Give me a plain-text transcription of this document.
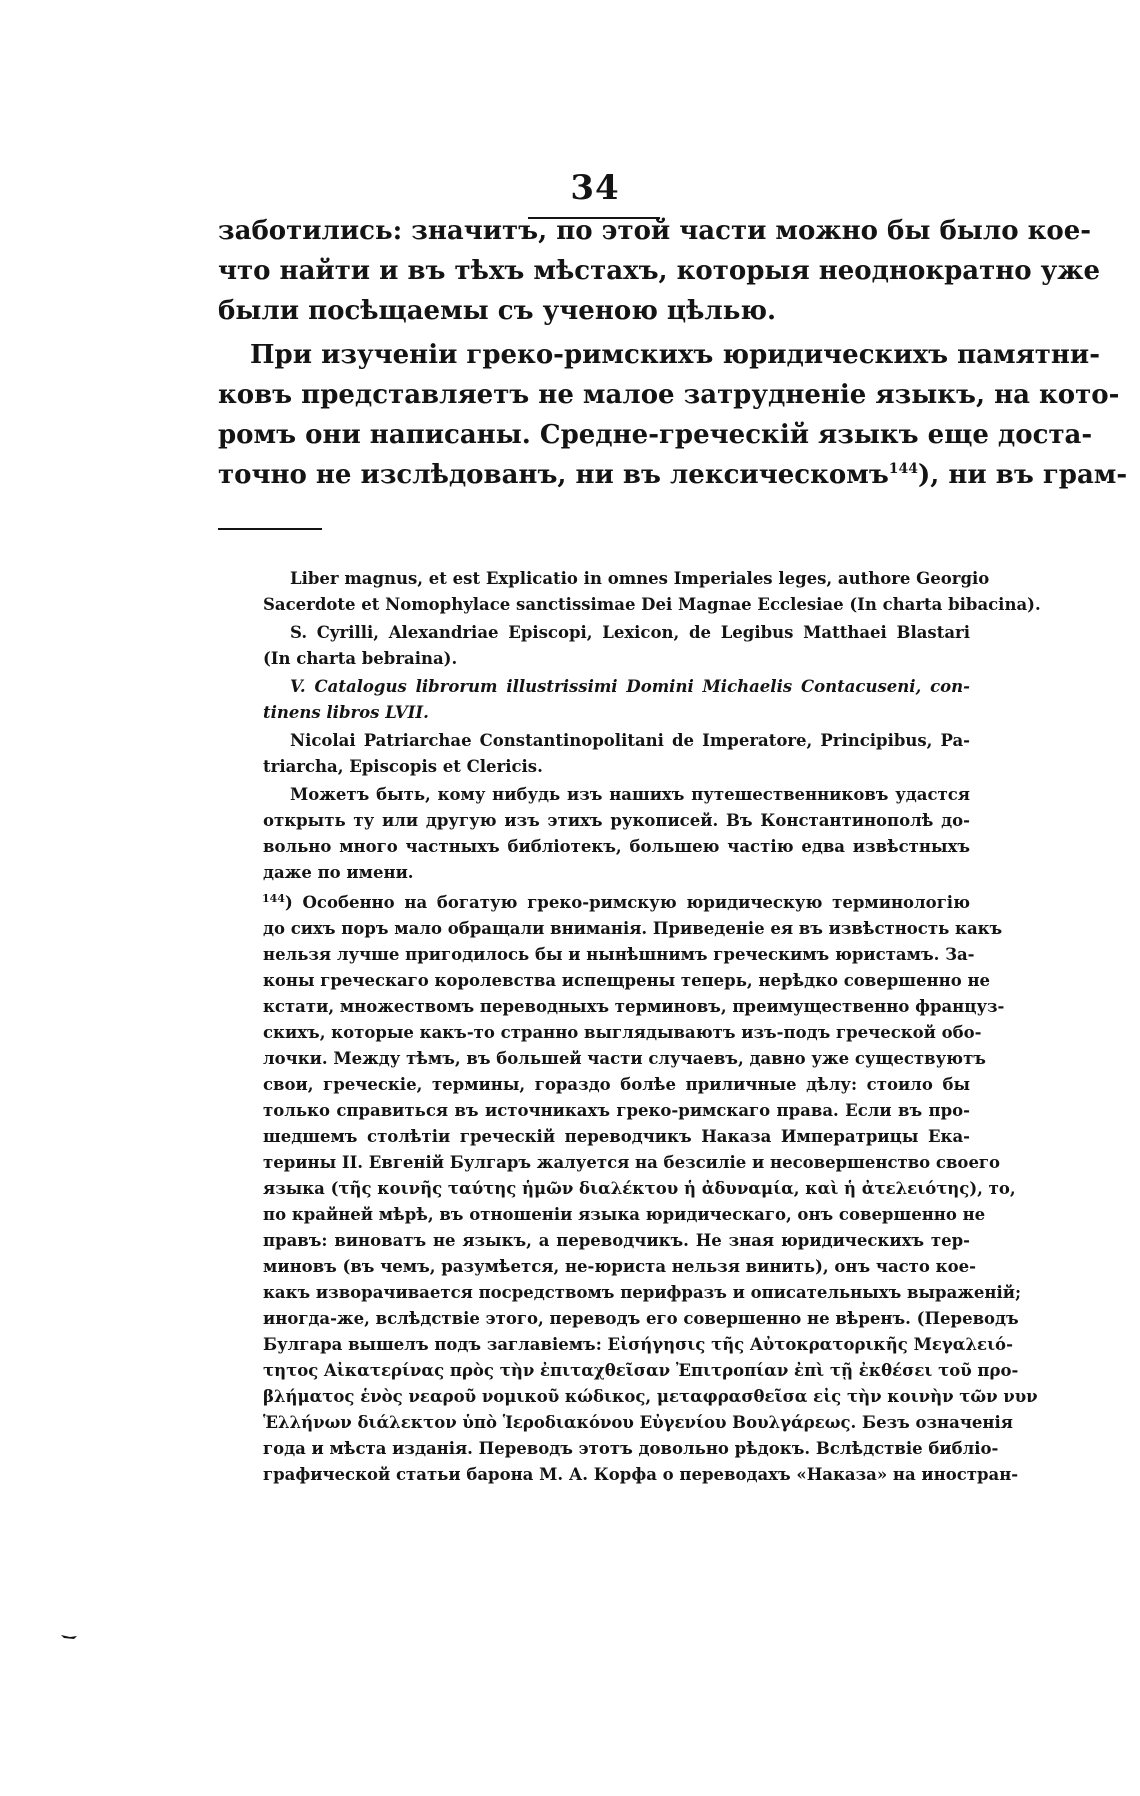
34
заботились: значитъ, по этой части можно бы было кое-
что найти и въ тѣхъ мѣстахъ, которыя неоднократно уже
были посѣщаемы съ ученою цѣлью.
При изученіи греко-римскихъ юридическихъ памятни-
ковъ представляетъ не малое затрудненіе языкъ, на кото-
ромъ они написаны. Средне-греческій языкъ еще доста-
точно не изслѣдованъ, ни въ лексическомъ$^{144}$), ни въ грам-
Liber magnus, et est Explicatio in omnes Imperiales leges, authore Georgio
Sacerdote et Nomophylace sanctissimae Dei Magnae Ecclesiae (In charta bibacina).
S. Cyrilli, Alexandriae Episcopi, Lexicon, de Legibus Matthaei Blastari
(In charta bebraina).
V. Catalogus librorum illustrissimi Domini Michaelis Contacuseni, con-
tinens libros LVII.
Nicolai Patriarchae Constantinopolitani de Imperatore, Principibus, Pa-
triarcha, Episcopis et Clericis.
Можетъ быть, кому нибудь изъ нашихъ путешественниковъ удастся
открыть ту или другую изъ этихъ рукописей. Въ Константинополѣ до-
вольно много частныхъ библіотекъ, большею частію едва извѣстныхъ
даже по имени.
$^{144}$) Особенно на богатую греко-римскую юридическую терминологію
до сихъ поръ мало обращали вниманія. Приведеніе ея въ извѣстность какъ
нельзя лучше пригодилось бы и нынѣшнимъ греческимъ юристамъ. За-
коны греческаго королевства испещрены теперь, нерѣдко совершенно не
кстати, множествомъ переводныхъ терминовъ, преимущественно француз-
скихъ, которые какъ-то странно выглядываютъ изъ-подъ греческой обо-
лочки. Между тѣмъ, въ большей части случаевъ, давно уже существуютъ
свои, греческіе, термины, гораздо болѣе приличные дѣлу: стоило бы
только справиться въ источникахъ греко-римскаго права. Если въ про-
шедшемъ столѣтіи греческій переводчикъ Наказа Императрицы Ека-
терины II. Евгеній Булгаръ жалуется на безсиліе и несовершенство своего
языка (τῆς κοινῆς ταύτης ἡμῶν διαλέκτου ἡ ἀδυναμία, καὶ ἡ ἀτελειότης), то,
по крайней мѣрѣ, въ отношеніи языка юридическаго, онъ совершенно не
правъ: виноватъ не языкъ, а переводчикъ. Не зная юридическихъ тер-
миновъ (въ чемъ, разумѣется, не-юриста нельзя винить), онъ часто кое-
какъ изворачивается посредствомъ перифразъ и описательныхъ выраженій;
иногда-же, вслѣдствіе этого, переводъ его совершенно не вѣренъ. (Переводъ
Булгара вышелъ подъ заглавіемъ: Εἰσήγησις τῆς Αὐτοκρατορικῆς Μεγαλειό-
τητος Αἰκατερίνας πρὸς τὴν ἐπιταχθεῖσαν Ἐπιτροπίαν ἐπὶ τῇ ἐκθέσει τοῦ προ-
βλήματος ἑνὸς νεαροῦ νομικοῦ κώδικος, μεταφρασθεῖσα εἰς τὴν κοινὴν τῶν νυν
Ἑλλήνων διάλεκτον ὑπὸ Ἱεροδιακόνου Εὐγενίου Βουλγάρεως. Безъ означенія
года и мѣста изданія. Переводъ этотъ довольно рѣдокъ. Вслѣдствіе библіо-
графической статьи барона М. А. Корфа о переводахъ «Наказа» на иностран-
